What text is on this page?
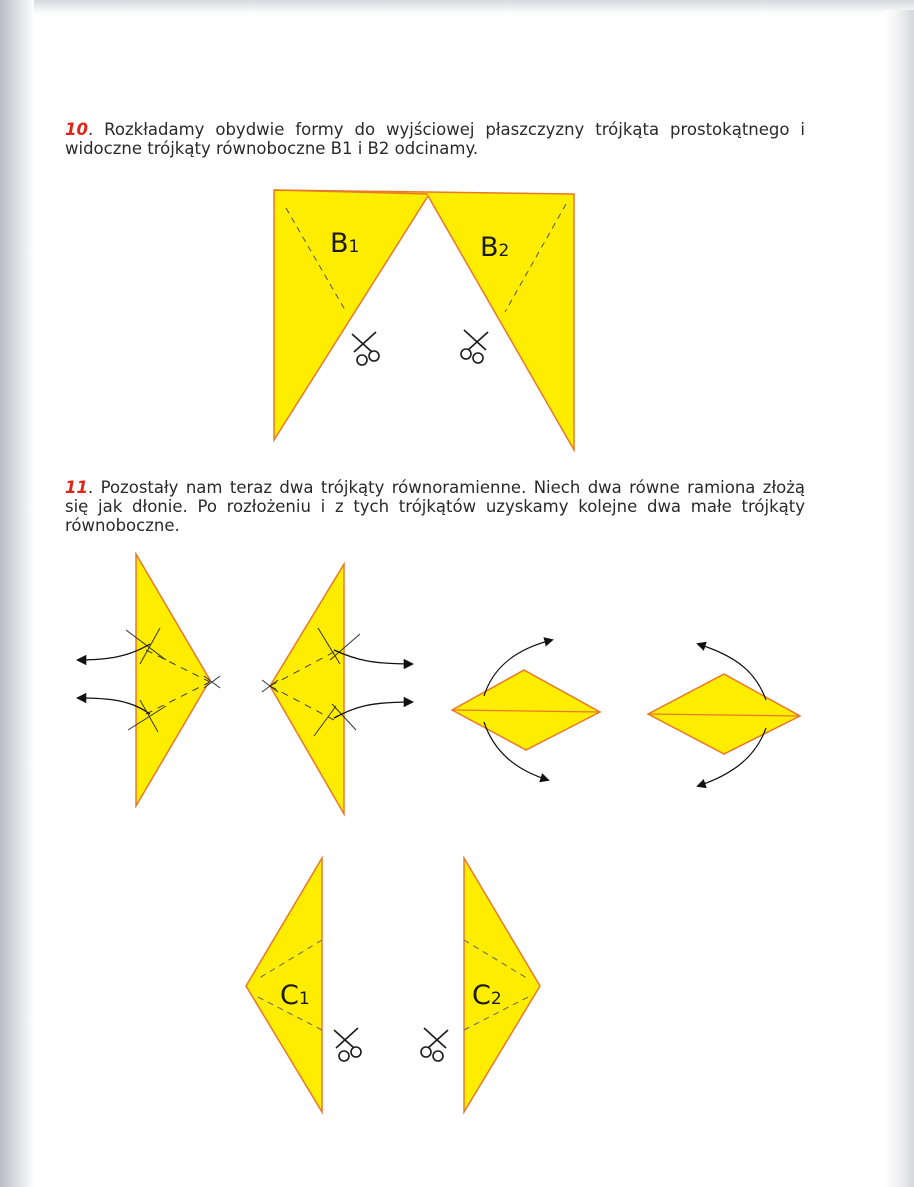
10. Rozkładamy obydwie formy do wyjściowej płaszczyzny trójkąta prostokątnego i widoczne trójkąty równoboczne B1 i B2 odcinamy.
11. Pozostały nam teraz dwa trójkąty równoramienne. Niech dwa równe ramiona złożą się jak dłonie. Po rozłożeniu i z tych trójkątów uzyskamy kolejne dwa małe trójkąty równoboczne.
B1	B2
C1	C2
